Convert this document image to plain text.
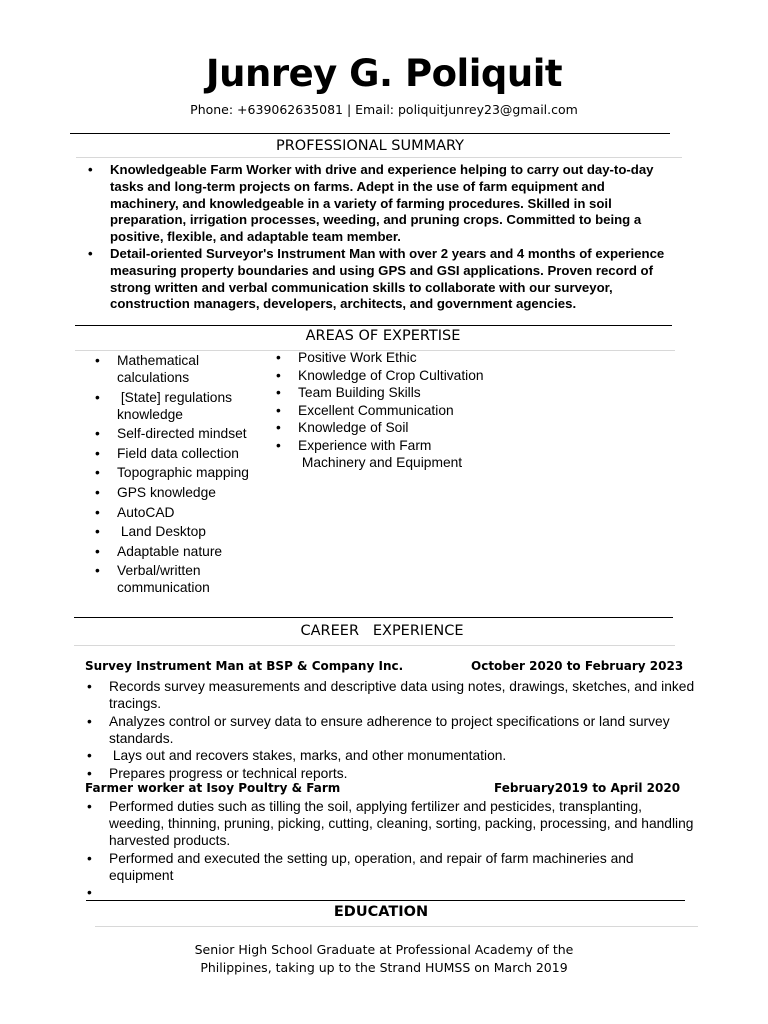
Junrey G. Poliquit
Phone: +639062635081 | Email: poliquitjunrey23@gmail.com
PROFESSIONAL SUMMARY
• Knowledgeable Farm Worker with drive and experience helping to carry out day-to-day
tasks and long-term projects on farms. Adept in the use of farm equipment and
machinery, and knowledgeable in a variety of farming procedures. Skilled in soil
preparation, irrigation processes, weeding, and pruning crops. Committed to being a
positive, flexible, and adaptable team member.
• Detail-oriented Surveyor's Instrument Man with over 2 years and 4 months of experience
measuring property boundaries and using GPS and GSI applications. Proven record of
strong written and verbal communication skills to collaborate with our surveyor,
construction managers, developers, architects, and government agencies.
AREAS OF EXPERTISE
• Mathematical
calculations
• [State] regulations
knowledge
• Self-directed mindset
• Field data collection
• Topographic mapping
• GPS knowledge
• AutoCAD
• Land Desktop
• Adaptable nature
• Verbal/written
communication
• Positive Work Ethic
• Knowledge of Crop Cultivation
• Team Building Skills
• Excellent Communication
• Knowledge of Soil
• Experience with Farm
Machinery and Equipment
CAREER   EXPERIENCE
Survey Instrument Man at BSP & Company Inc.	October 2020 to February 2023
• Records survey measurements and descriptive data using notes, drawings, sketches, and inked
tracings.
• Analyzes control or survey data to ensure adherence to project specifications or land survey
standards.
• Lays out and recovers stakes, marks, and other monumentation.
• Prepares progress or technical reports.
Farmer worker at Isoy Poultry & Farm	February2019 to April 2020
• Performed duties such as tilling the soil, applying fertilizer and pesticides, transplanting,
weeding, thinning, pruning, picking, cutting, cleaning, sorting, packing, processing, and handling
harvested products.
• Performed and executed the setting up, operation, and repair of farm machineries and
equipment
•

EDUCATION
Senior High School Graduate at Professional Academy of the
Philippines, taking up to the Strand HUMSS on March 2019
